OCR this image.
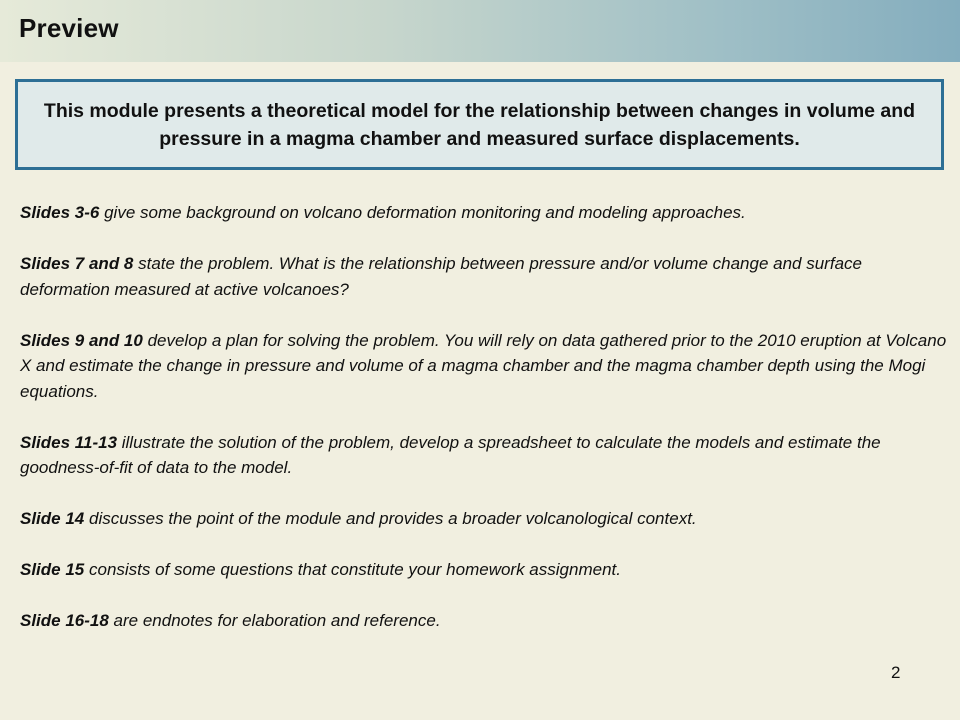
Preview
This module presents a theoretical model for the relationship between changes in volume and pressure in a magma chamber and measured surface displacements.

Slides 3-6 give some background on volcano deformation monitoring and modeling approaches.

Slides 7 and 8 state the problem. What is the relationship between pressure and/or volume change and surface deformation measured at active volcanoes?

Slides 9 and 10 develop a plan for solving the problem. You will rely on data gathered prior to the 2010 eruption at Volcano X and estimate the change in pressure and volume of a magma chamber and the magma chamber depth using the Mogi equations.

Slides 11-13 illustrate the solution of the problem, develop a spreadsheet to calculate the models and estimate the goodness-of-fit of data to the model.

Slide 14 discusses the point of the module and provides a broader volcanological context.

Slide 15 consists of some questions that constitute your homework assignment.

Slide 16-18 are endnotes for elaboration and reference.

2
